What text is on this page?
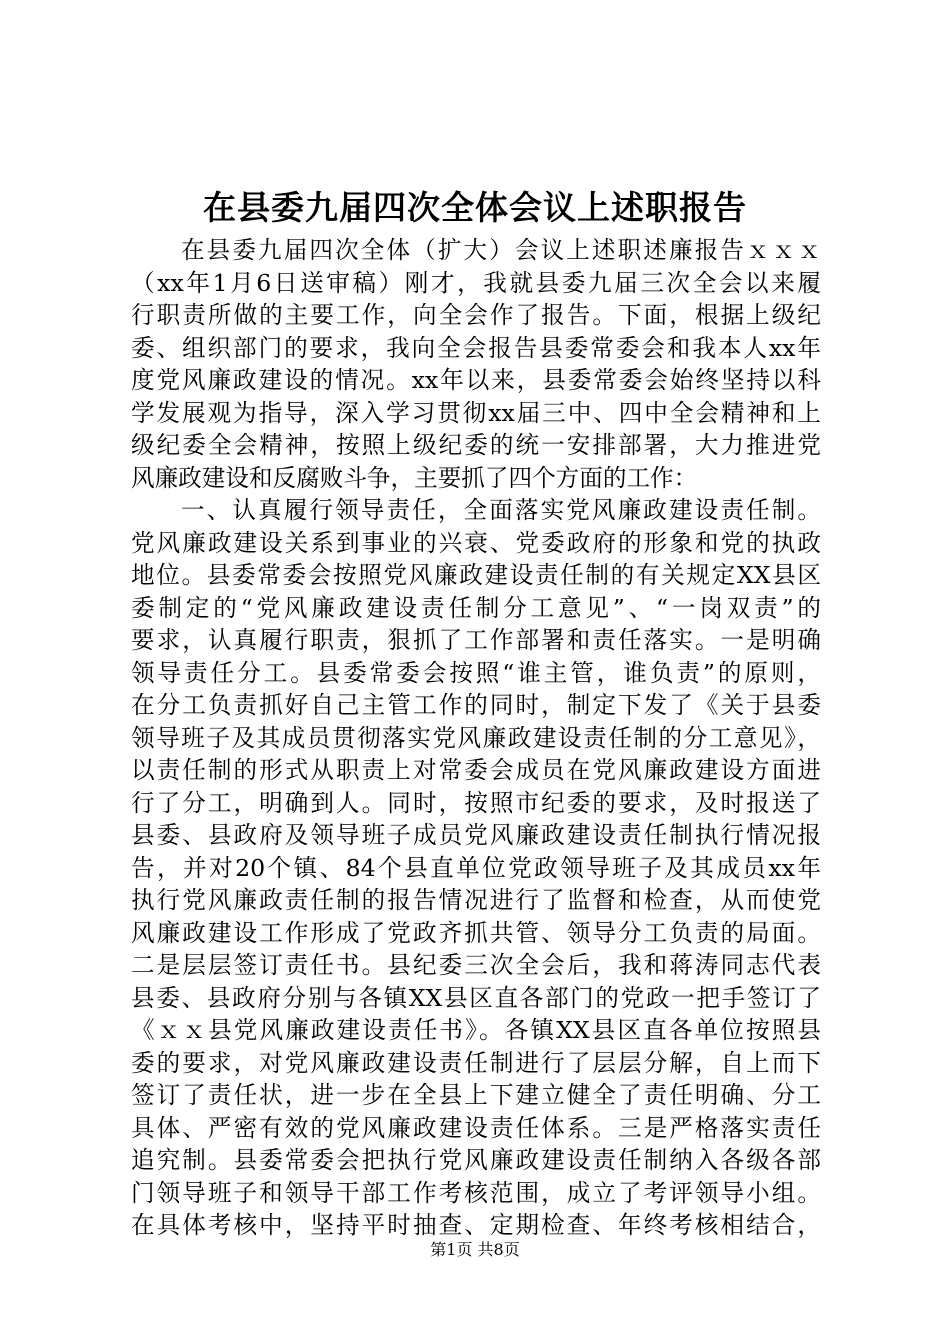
在县委九届四次全体会议上述职报告
在县委九届四次全体（扩大）会议上述职述廉报告ｘｘｘ
（xx年1月6日送审稿）刚才，我就县委九届三次全会以来履
行职责所做的主要工作，向全会作了报告。下面，根据上级纪
委、组织部门的要求，我向全会报告县委常委会和我本人xx年
度党风廉政建设的情况。xx年以来，县委常委会始终坚持以科
学发展观为指导，深入学习贯彻xx届三中、四中全会精神和上
级纪委全会精神，按照上级纪委的统一安排部署，大力推进党
风廉政建设和反腐败斗争，主要抓了四个方面的工作：
一、认真履行领导责任，全面落实党风廉政建设责任制。
党风廉政建设关系到事业的兴衰、党委政府的形象和党的执政
地位。县委常委会按照党风廉政建设责任制的有关规定XX县区
委制定的“党风廉政建设责任制分工意见”、“一岗双责”的
要求，认真履行职责，狠抓了工作部署和责任落实。一是明确
领导责任分工。县委常委会按照“谁主管，谁负责”的原则，
在分工负责抓好自己主管工作的同时，制定下发了《关于县委
领导班子及其成员贯彻落实党风廉政建设责任制的分工意见》，
以责任制的形式从职责上对常委会成员在党风廉政建设方面进
行了分工，明确到人。同时，按照市纪委的要求，及时报送了
县委、县政府及领导班子成员党风廉政建设责任制执行情况报
告，并对20个镇、84个县直单位党政领导班子及其成员xx年
执行党风廉政责任制的报告情况进行了监督和检查，从而使党
风廉政建设工作形成了党政齐抓共管、领导分工负责的局面。
二是层层签订责任书。县纪委三次全会后，我和蒋涛同志代表
县委、县政府分别与各镇XX县区直各部门的党政一把手签订了
《ｘｘ县党风廉政建设责任书》。各镇XX县区直各单位按照县
委的要求，对党风廉政建设责任制进行了层层分解，自上而下
签订了责任状，进一步在全县上下建立健全了责任明确、分工
具体、严密有效的党风廉政建设责任体系。三是严格落实责任
追究制。县委常委会把执行党风廉政建设责任制纳入各级各部
门领导班子和领导干部工作考核范围，成立了考评领导小组。
在具体考核中，坚持平时抽查、定期检查、年终考核相结合，
第1页 共8页
